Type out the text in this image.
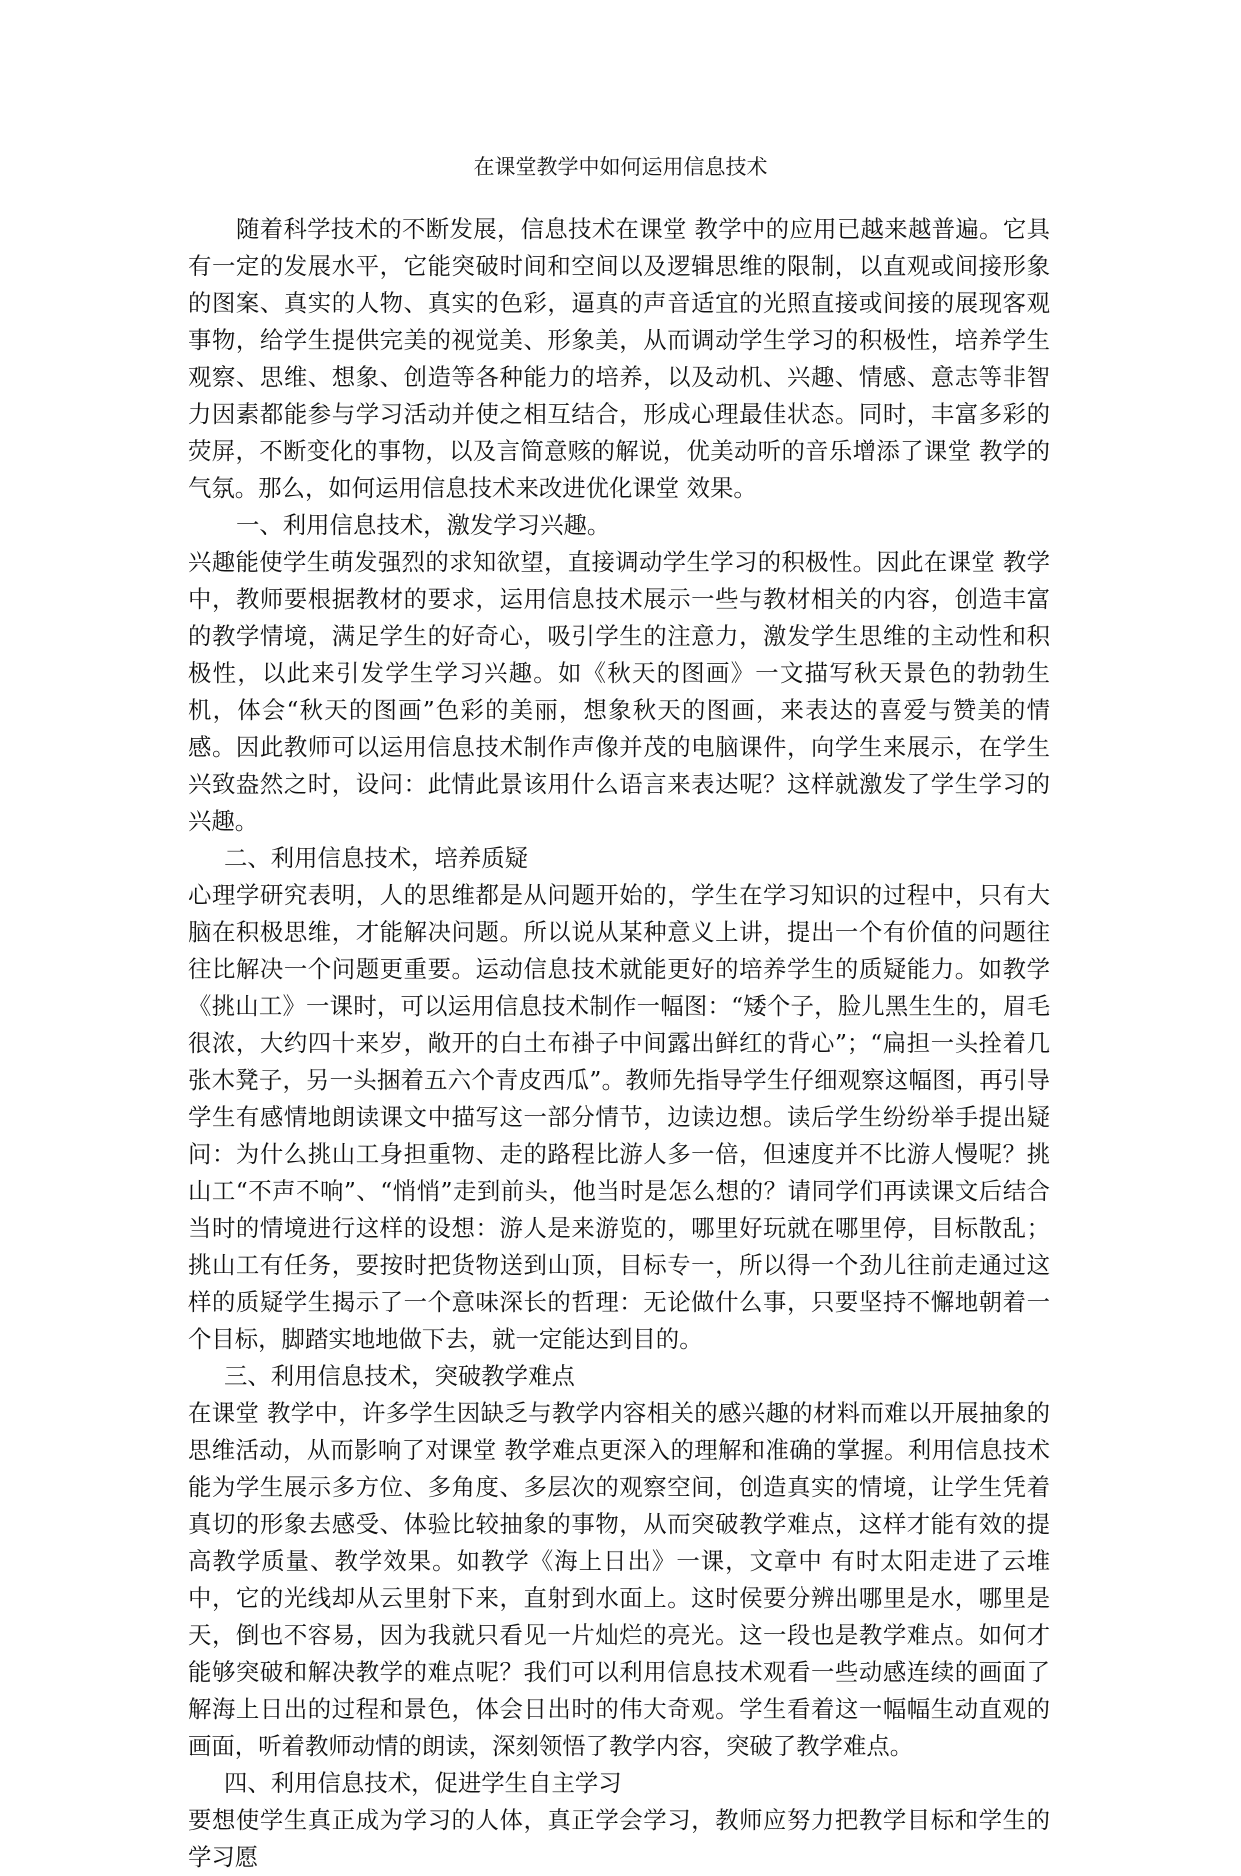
在课堂教学中如何运用信息技术

随着科学技术的不断发展，信息技术在课堂 教学中的应用已越来越普遍。它具有一定的发展水平，它能突破时间和空间以及逻辑思维的限制，以直观或间接形象的图案、真实的人物、真实的色彩，逼真的声音适宜的光照直接或间接的展现客观事物，给学生提供完美的视觉美、形象美，从而调动学生学习的积极性，培养学生观察、思维、想象、创造等各种能力的培养，以及动机、兴趣、情感、意志等非智力因素都能参与学习活动并使之相互结合，形成心理最佳状态。同时，丰富多彩的荧屏，不断变化的事物，以及言简意赅的解说，优美动听的音乐增添了课堂 教学的气氛。那么，如何运用信息技术来改进优化课堂 效果。

一、利用信息技术，激发学习兴趣。

兴趣能使学生萌发强烈的求知欲望，直接调动学生学习的积极性。因此在课堂 教学中，教师要根据教材的要求，运用信息技术展示一些与教材相关的内容，创造丰富的教学情境，满足学生的好奇心，吸引学生的注意力，激发学生思维的主动性和积极性，以此来引发学生学习兴趣。如《秋天的图画》一文描写秋天景色的勃勃生机，体会“秋天的图画”色彩的美丽，想象秋天的图画，来表达的喜爱与赞美的情感。因此教师可以运用信息技术制作声像并茂的电脑课件，向学生来展示，在学生兴致盎然之时，设问：此情此景该用什么语言来表达呢？这样就激发了学生学习的兴趣。

二、利用信息技术，培养质疑

心理学研究表明，人的思维都是从问题开始的，学生在学习知识的过程中，只有大脑在积极思维，才能解决问题。所以说从某种意义上讲，提出一个有价值的问题往往比解决一个问题更重要。运动信息技术就能更好的培养学生的质疑能力。如教学 《挑山工》一课时，可以运用信息技术制作一幅图：“矮个子，脸儿黑生生的，眉毛很浓，大约四十来岁，敞开的白土布褂子中间露出鲜红的背心”；“扁担一头拴着几张木凳子，另一头捆着五六个青皮西瓜”。教师先指导学生仔细观察这幅图，再引导学生有感情地朗读课文中描写这一部分情节，边读边想。读后学生纷纷举手提出疑问：为什么挑山工身担重物、走的路程比游人多一倍，但速度并不比游人慢呢？挑山工“不声不响”、“悄悄”走到前头，他当时是怎么想的？请同学们再读课文后结合当时的情境进行这样的设想：游人是来游览的，哪里好玩就在哪里停，目标散乱；挑山工有任务，要按时把货物送到山顶，目标专一，所以得一个劲儿往前走通过这样的质疑学生揭示了一个意味深长的哲理：无论做什么事，只要坚持不懈地朝着一个目标，脚踏实地地做下去，就一定能达到目的。

三、利用信息技术，突破教学难点

在课堂 教学中，许多学生因缺乏与教学内容相关的感兴趣的材料而难以开展抽象的思维活动，从而影响了对课堂 教学难点更深入的理解和准确的掌握。利用信息技术能为学生展示多方位、多角度、多层次的观察空间，创造真实的情境，让学生凭着真切的形象去感受、体验比较抽象的事物，从而突破教学难点，这样才能有效的提高教学质量、教学效果。如教学《海上日出》一课，文章中 有时太阳走进了云堆中，它的光线却从云里射下来，直射到水面上。这时侯要分辨出哪里是水，哪里是天，倒也不容易，因为我就只看见一片灿烂的亮光。这一段也是教学难点。如何才能够突破和解决教学的难点呢？我们可以利用信息技术观看一些动感连续的画面了解海上日出的过程和景色，体会日出时的伟大奇观。学生看着这一幅幅生动直观的画面，听着教师动情的朗读，深刻领悟了教学内容，突破了教学难点。

四、利用信息技术，促进学生自主学习

要想使学生真正成为学习的人体，真正学会学习，教师应努力把教学目标和学生的学习愿
